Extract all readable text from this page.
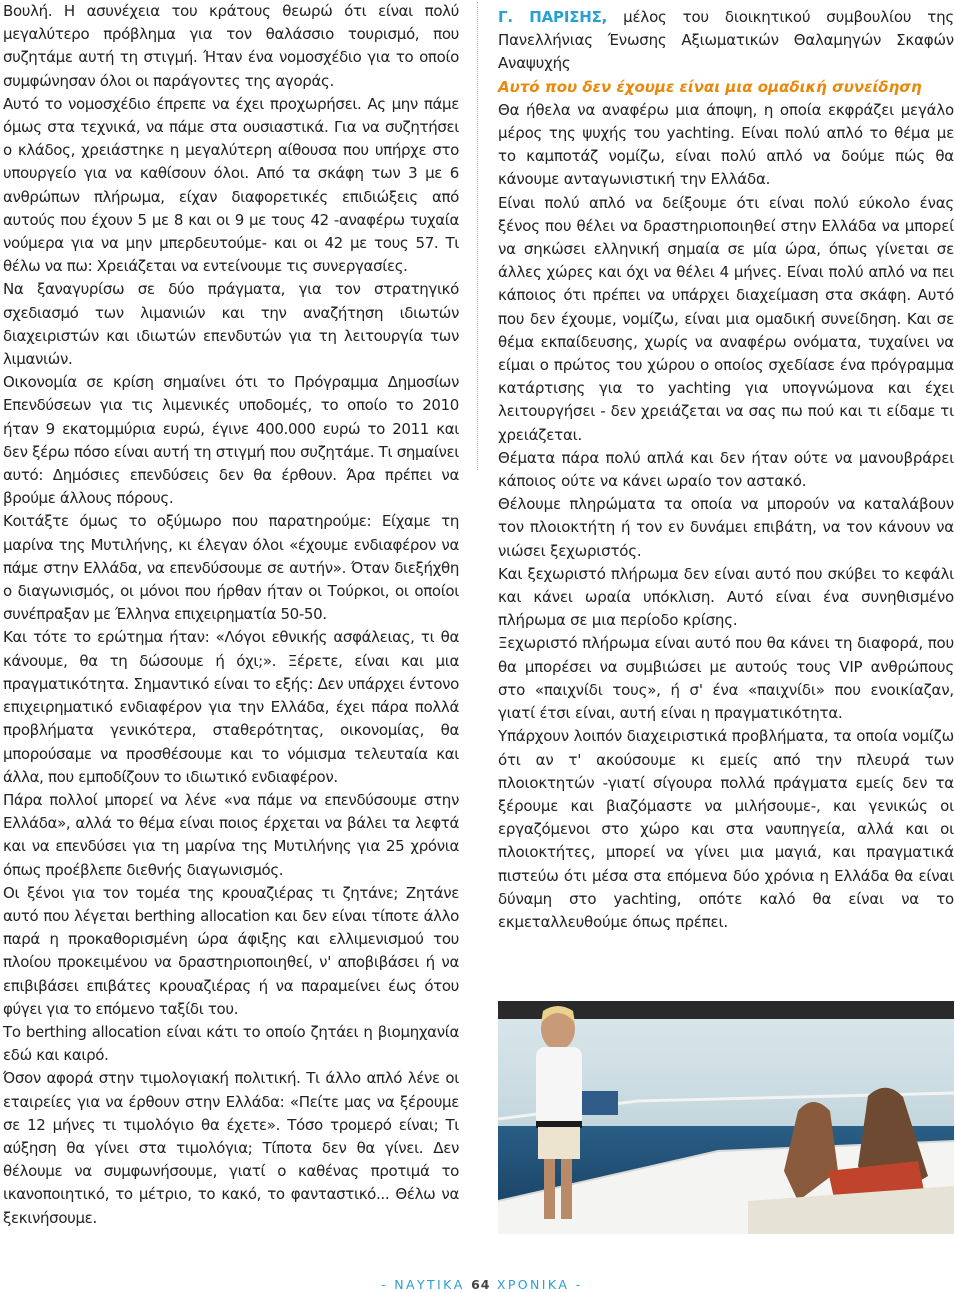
Βουλή. Η ασυνέχεια του κράτους θεωρώ ότι είναι πολύ μεγαλύτερο πρόβλημα για τον θαλάσσιο τουρισμό, που συζητάμε αυτή τη στιγμή. Ήταν ένα νομοσχέδιο για το οποίο συμφώνησαν όλοι οι παράγοντες της αγοράς.

Αυτό το νομοσχέδιο έπρεπε να έχει προχωρήσει. Ας μην πάμε όμως στα τεχνικά, να πάμε στα ουσιαστικά. Για να συζητήσει ο κλάδος, χρειάστηκε η μεγαλύτερη αίθουσα που υπήρχε στο υπουργείο για να καθίσουν όλοι. Από τα σκάφη των 3 με 6 ανθρώπων πλήρωμα, είχαν διαφορετικές επιδιώξεις από αυτούς που έχουν 5 με 8 και οι 9 με τους 42 -αναφέρω τυχαία νούμερα για να μην μπερδευτούμε- και οι 42 με τους 57. Τι θέλω να πω: Χρειάζεται να εντείνουμε τις συνεργασίες.

Να ξαναγυρίσω σε δύο πράγματα, για τον στρατηγικό σχεδιασμό των λιμανιών και την αναζήτηση ιδιωτών διαχειριστών και ιδιωτών επενδυτών για τη λειτουργία των λιμανιών.

Οικονομία σε κρίση σημαίνει ότι το Πρόγραμμα Δημοσίων Επενδύσεων για τις λιμενικές υποδομές, το οποίο το 2010 ήταν 9 εκατομμύρια ευρώ, έγινε 400.000 ευρώ το 2011 και δεν ξέρω πόσο είναι αυτή τη στιγμή που συζητάμε. Τι σημαίνει αυτό: Δημόσιες επενδύσεις δεν θα έρθουν. Άρα πρέπει να βρούμε άλλους πόρους.

Κοιτάξτε όμως το οξύμωρο που παρατηρούμε: Είχαμε τη μαρίνα της Μυτιλήνης, κι έλεγαν όλοι «έχουμε ενδιαφέρον να πάμε στην Ελλάδα, να επενδύσουμε σε αυτήν». Όταν διεξήχθη ο διαγωνισμός, οι μόνοι που ήρθαν ήταν οι Τούρκοι, οι οποίοι συνέπραξαν με Έλληνα επιχειρηματία 50-50.

Και τότε το ερώτημα ήταν: «Λόγοι εθνικής ασφάλειας, τι θα κάνουμε, θα τη δώσουμε ή όχι;». Ξέρετε, είναι και μια πραγματικότητα. Σημαντικό είναι το εξής: Δεν υπάρχει έντονο επιχειρηματικό ενδιαφέρον για την Ελλάδα, έχει πάρα πολλά προβλήματα γενικότερα, σταθερότητας, οικονομίας, θα μπορούσαμε να προσθέσουμε και το νόμισμα τελευταία και άλλα, που εμποδίζουν το ιδιωτικό ενδιαφέρον.

Πάρα πολλοί μπορεί να λένε «να πάμε να επενδύσουμε στην Ελλάδα», αλλά το θέμα είναι ποιος έρχεται να βάλει τα λεφτά και να επενδύσει για τη μαρίνα της Μυτιλήνης για 25 χρόνια όπως προέβλεπε διεθνής διαγωνισμός.

Οι ξένοι για τον τομέα της κρουαζιέρας τι ζητάνε; Ζητάνε αυτό που λέγεται berthing allocation και δεν είναι τίποτε άλλο παρά η προκαθορισμένη ώρα άφιξης και ελλιμενισμού του πλοίου προκειμένου να δραστηριοποιηθεί, ν' αποβιβάσει ή να επιβιβάσει επιβάτες κρουαζιέρας ή να παραμείνει έως ότου φύγει για το επόμενο ταξίδι του.

Το berthing allocation είναι κάτι το οποίο ζητάει η βιομηχανία εδώ και καιρό.

Όσον αφορά στην τιμολογιακή πολιτική. Τι άλλο απλό λένε οι εταιρείες για να έρθουν στην Ελλάδα: «Πείτε μας να ξέρουμε σε 12 μήνες τι τιμολόγιο θα έχετε». Τόσο τρομερό είναι; Τι αύξηση θα γίνει στα τιμολόγια; Τίποτα δεν θα γίνει. Δεν θέλουμε να συμφωνήσουμε, γιατί ο καθένας προτιμά το ικανοποιητικό, το μέτριο, το κακό, το φανταστικό... Θέλω να ξεκινήσουμε.

Γ. ΠΑΡΙΣΗΣ, μέλος του διοικητικού συμβουλίου της Πανελλήνιας Ένωσης Αξιωματικών Θαλαμηγών Σκαφών Αναψυχής

Αυτό που δεν έχουμε είναι μια ομαδική συνείδηση

Θα ήθελα να αναφέρω μια άποψη, η οποία εκφράζει μεγάλο μέρος της ψυχής του yachting. Είναι πολύ απλό το θέμα με το καμποτάζ νομίζω, είναι πολύ απλό να δούμε πώς θα κάνουμε ανταγωνιστική την Ελλάδα.

Είναι πολύ απλό να δείξουμε ότι είναι πολύ εύκολο ένας ξένος που θέλει να δραστηριοποιηθεί στην Ελλάδα να μπορεί να σηκώσει ελληνική σημαία σε μία ώρα, όπως γίνεται σε άλλες χώρες και όχι να θέλει 4 μήνες. Είναι πολύ απλό να πει κάποιος ότι πρέπει να υπάρχει διαχείμαση στα σκάφη. Αυτό που δεν έχουμε, νομίζω, είναι μια ομαδική συνείδηση. Και σε θέμα εκπαίδευσης, χωρίς να αναφέρω ονόματα, τυχαίνει να είμαι ο πρώτος του χώρου ο οποίος σχεδίασε ένα πρόγραμμα κατάρτισης για το yachting για υπογνώμονα και έχει λειτουργήσει - δεν χρειάζεται να σας πω πού και τι είδαμε τι χρειάζεται.

Θέματα πάρα πολύ απλά και δεν ήταν ούτε να μανουβράρει κάποιος ούτε να κάνει ωραίο τον αστακό.

Θέλουμε πληρώματα τα οποία να μπορούν να καταλάβουν τον πλοιοκτήτη ή τον εν δυνάμει επιβάτη, να τον κάνουν να νιώσει ξεχωριστός.

Και ξεχωριστό πλήρωμα δεν είναι αυτό που σκύβει το κεφάλι και κάνει ωραία υπόκλιση. Αυτό είναι ένα συνηθισμένο πλήρωμα σε μια περίοδο κρίσης.

Ξεχωριστό πλήρωμα είναι αυτό που θα κάνει τη διαφορά, που θα μπορέσει να συμβιώσει με αυτούς τους VIP ανθρώπους στο «παιχνίδι τους», ή σ' ένα «παιχνίδι» που ενοικίαζαν, γιατί έτσι είναι, αυτή είναι η πραγματικότητα.

Υπάρχουν λοιπόν διαχειριστικά προβλήματα, τα οποία νομίζω ότι αν τ' ακούσουμε κι εμείς από την πλευρά των πλοιοκτητών -γιατί σίγουρα πολλά πράγματα εμείς δεν τα ξέρουμε και βιαζόμαστε να μιλήσουμε-, και γενικώς οι εργαζόμενοι στο χώρο και στα ναυπηγεία, αλλά και οι πλοιοκτήτες, μπορεί να γίνει μια μαγιά, και πραγματικά πιστεύω ότι μέσα στα επόμενα δύο χρόνια η Ελλάδα θα είναι δύναμη στο yachting, οπότε καλό θα είναι να το εκμεταλλευθούμε όπως πρέπει.

- ΝΑΥΤΙΚΑ 64 ΧΡΟΝΙΚΑ -
